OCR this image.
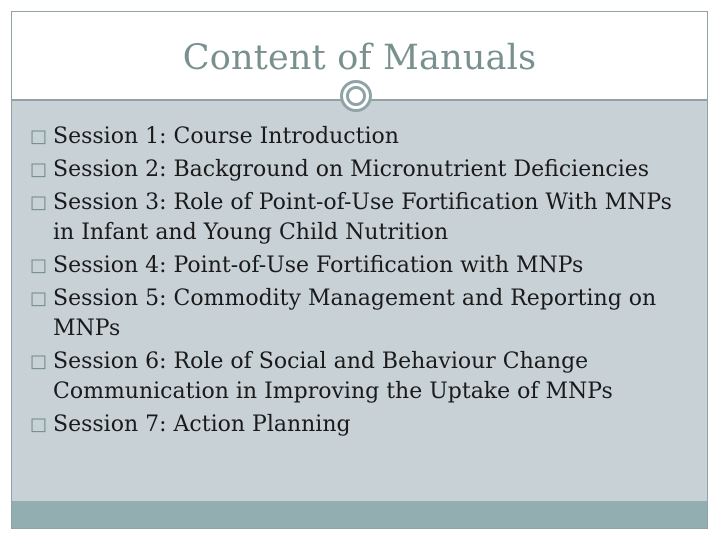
Content of Manuals
□ Session 1: Course Introduction
□ Session 2: Background on Micronutrient Deficiencies
□ Session 3: Role of Point-of-Use Fortification With MNPs in Infant and Young Child Nutrition
□ Session 4: Point-of-Use Fortification with MNPs
□ Session 5: Commodity Management and Reporting on MNPs
□ Session 6: Role of Social and Behaviour Change Communication in Improving the Uptake of MNPs
□ Session 7: Action Planning
